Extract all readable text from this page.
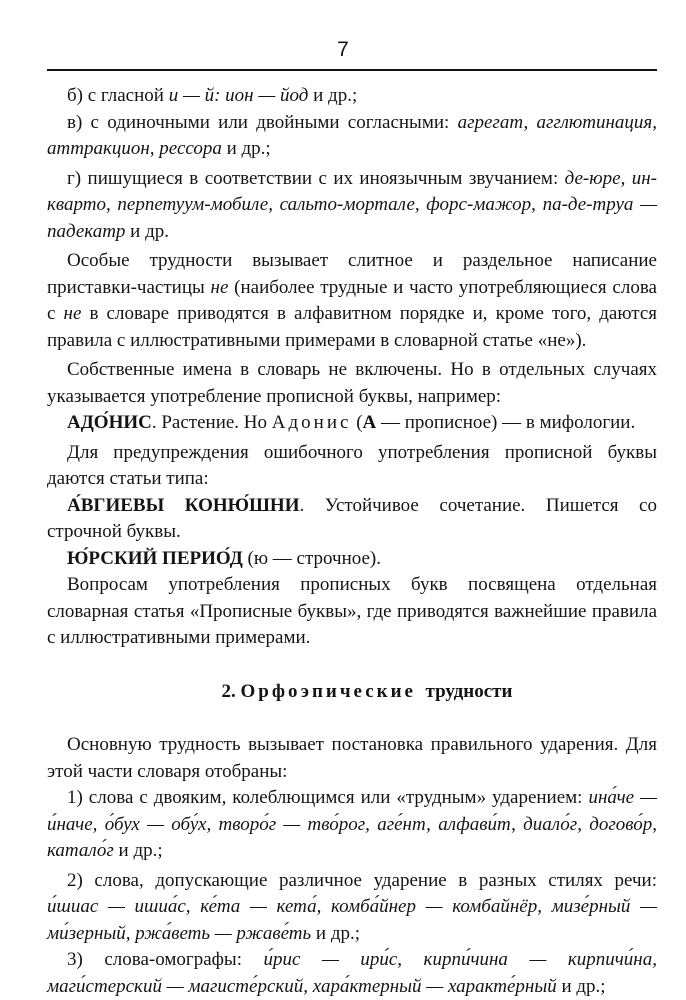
7

б) с гласной и — й: ион — йод и др.;

в) с одиночными или двойными согласными: агрегат, агглютинация, аттракцион, рессора и др.;

г) пишущиеся в соответствии с их иноязычным звучанием: де-юре, ин-кварто, перпетуум-мобиле, сальто-мортале, форс-мажор, па-де-труа — падекатр и др.

Особые трудности вызывает слитное и раздельное написание приставки-частицы не (наиболее трудные и часто употребляющиеся слова с не в словаре приводятся в алфавитном порядке и, кроме того, даются правила с иллюстративными примерами в словарной статье «не»).

Собственные имена в словарь не включены. Но в отдельных случаях указывается употребление прописной буквы, например:

АДО́НИС. Растение. Но Адонис (А — прописное) — в мифологии.

Для предупреждения ошибочного употребления прописной буквы даются статьи типа:

А́ВГИЕВЫ КОНЮ́ШНИ. Устойчивое сочетание. Пишется со строчной буквы.

Ю́РСКИЙ ПЕРИО́Д (ю — строчное).

Вопросам употребления прописных букв посвящена отдельная словарная статья «Прописные буквы», где приводятся важнейшие правила с иллюстративными примерами.

2. Орфоэпические трудности

Основную трудность вызывает постановка правильного ударения. Для этой части словаря отобраны:

1) слова с двояким, колеблющимся или «трудным» ударением: ина́че — и́наче, о́бух — обу́х, творо́г — тво́рог, аге́нт, алфави́т, диало́г, догово́р, катало́г и др.;

2) слова, допускающие различное ударение в разных стилях речи: и́шиас — ишиа́с, ке́та — кета́, комба́йнер — комбайнёр, мизе́рный — ми́зерный, ржа́веть — ржаве́ть и др.;

3) слова-омографы: и́рис — ири́с, кирпи́чина — кирпичи́на, маги́стерский — магисте́рский, хара́ктерный — характе́рный и др.;
